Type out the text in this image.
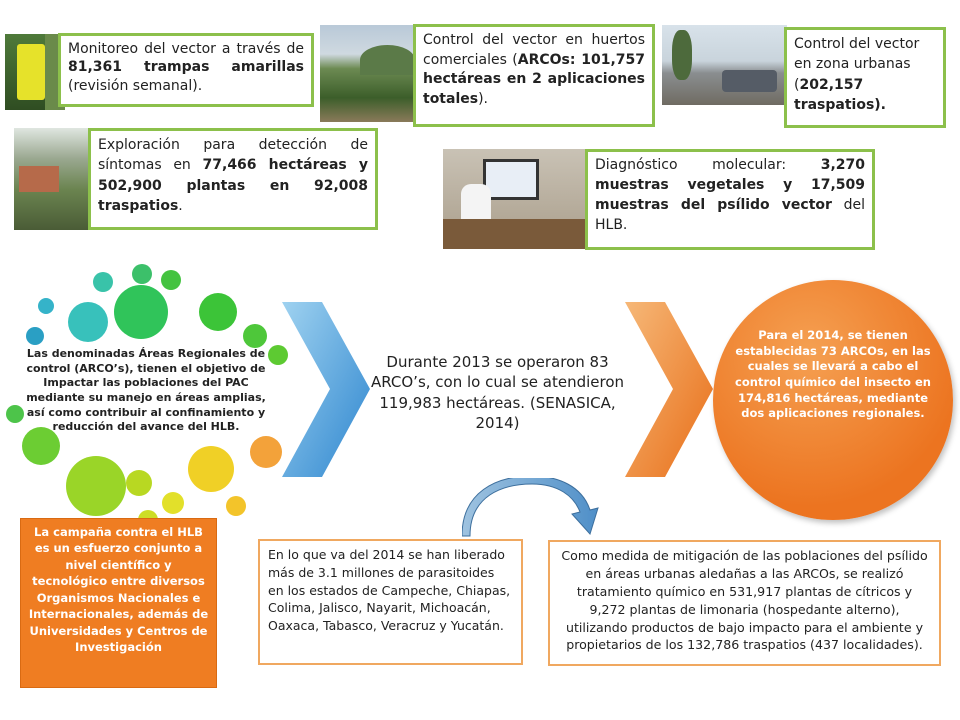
Monitoreo del vector a través de 81,361 trampas amarillas (revisión semanal).
Control del vector en huertos comerciales (ARCOs: 101,757 hectáreas en 2 aplicaciones totales).
Control del vector en zona urbanas (202,157 traspatios).
Exploración para detección de síntomas en 77,466 hectáreas y 502,900 plantas en 92,008 traspatios.
Diagnóstico molecular: 3,270 muestras vegetales y 17,509 muestras del psílido vector del HLB.
Las denominadas Áreas Regionales de control (ARCO’s), tienen el objetivo de Impactar las poblaciones del PAC mediante su manejo en áreas amplias, así como contribuir al confinamiento y reducción del avance del HLB.
Durante 2013 se operaron 83 ARCO’s, con lo cual se atendieron 119,983 hectáreas. (SENASICA, 2014)
Para el 2014, se tienen establecidas 73 ARCOs, en las cuales se llevará a cabo el control químico del insecto en 174,816 hectáreas, mediante dos aplicaciones regionales.
La campaña contra el HLB es un esfuerzo conjunto a nivel científico y tecnológico entre diversos Organismos Nacionales e Internacionales, además de Universidades y Centros de Investigación
En lo que va del 2014 se han liberado más de 3.1 millones de parasitoides en los estados de Campeche, Chiapas, Colima, Jalisco, Nayarit, Michoacán, Oaxaca, Tabasco, Veracruz y Yucatán.
Como medida de mitigación de las poblaciones del psílido en áreas urbanas aledañas a las ARCOs, se realizó tratamiento químico en 531,917 plantas de cítricos y 9,272 plantas de limonaria (hospedante alterno), utilizando productos de bajo impacto para el ambiente y propietarios de los 132,786 traspatios (437 localidades).
